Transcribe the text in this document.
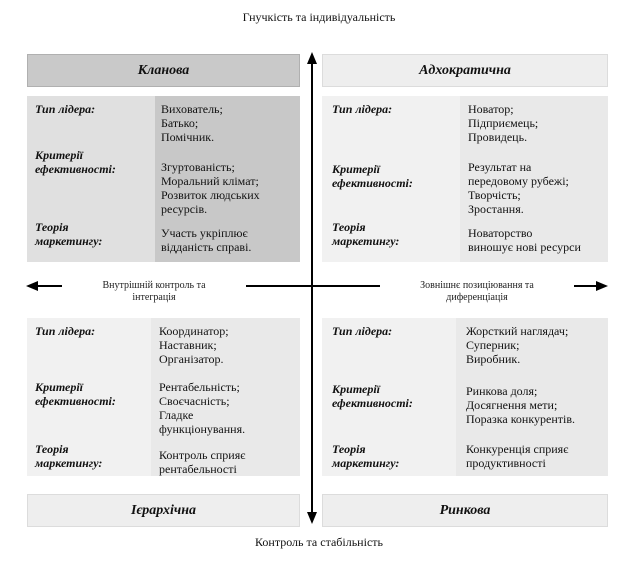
Гнучкість та індивідуальність
Контроль та стабільність
Внутрішній контроль та
інтеграція
Зовнішнє позиціювання та
диференціація
Кланова
Тип лідера:	Вихователь;
Батько;
Помічник.
Критерії
ефективності:	Згуртованість;
Моральний клімат;
Розвиток людських
ресурсів.
Теорія
маркетингу:
Участь укріплює
відданість справі.
Адхократична
Тип лідера:	Новатор;
Підприємець;
Провидець.
Критерії
ефективності:
Результат на
передовому рубежі;
Творчість;
Зростання.
Теорія
маркетингу:
Новаторство
виношує нові ресурси
Тип лідера:	Координатор;
Наставник;
Організатор.
Критерії
ефективності:
Рентабельність;
Своєчасність;
Гладке
функціонування.
Теорія
маркетингу:
Контроль сприяє
рентабельності
Ієрархічна
Тип лідера:	Жорсткий наглядач;
Суперник;
Виробник.
Критерії
ефективності:
Ринкова доля;
Досягнення мети;
Поразка конкурентів.
Теорія
маркетингу:
Конкуренція сприяє
продуктивності
Ринкова
